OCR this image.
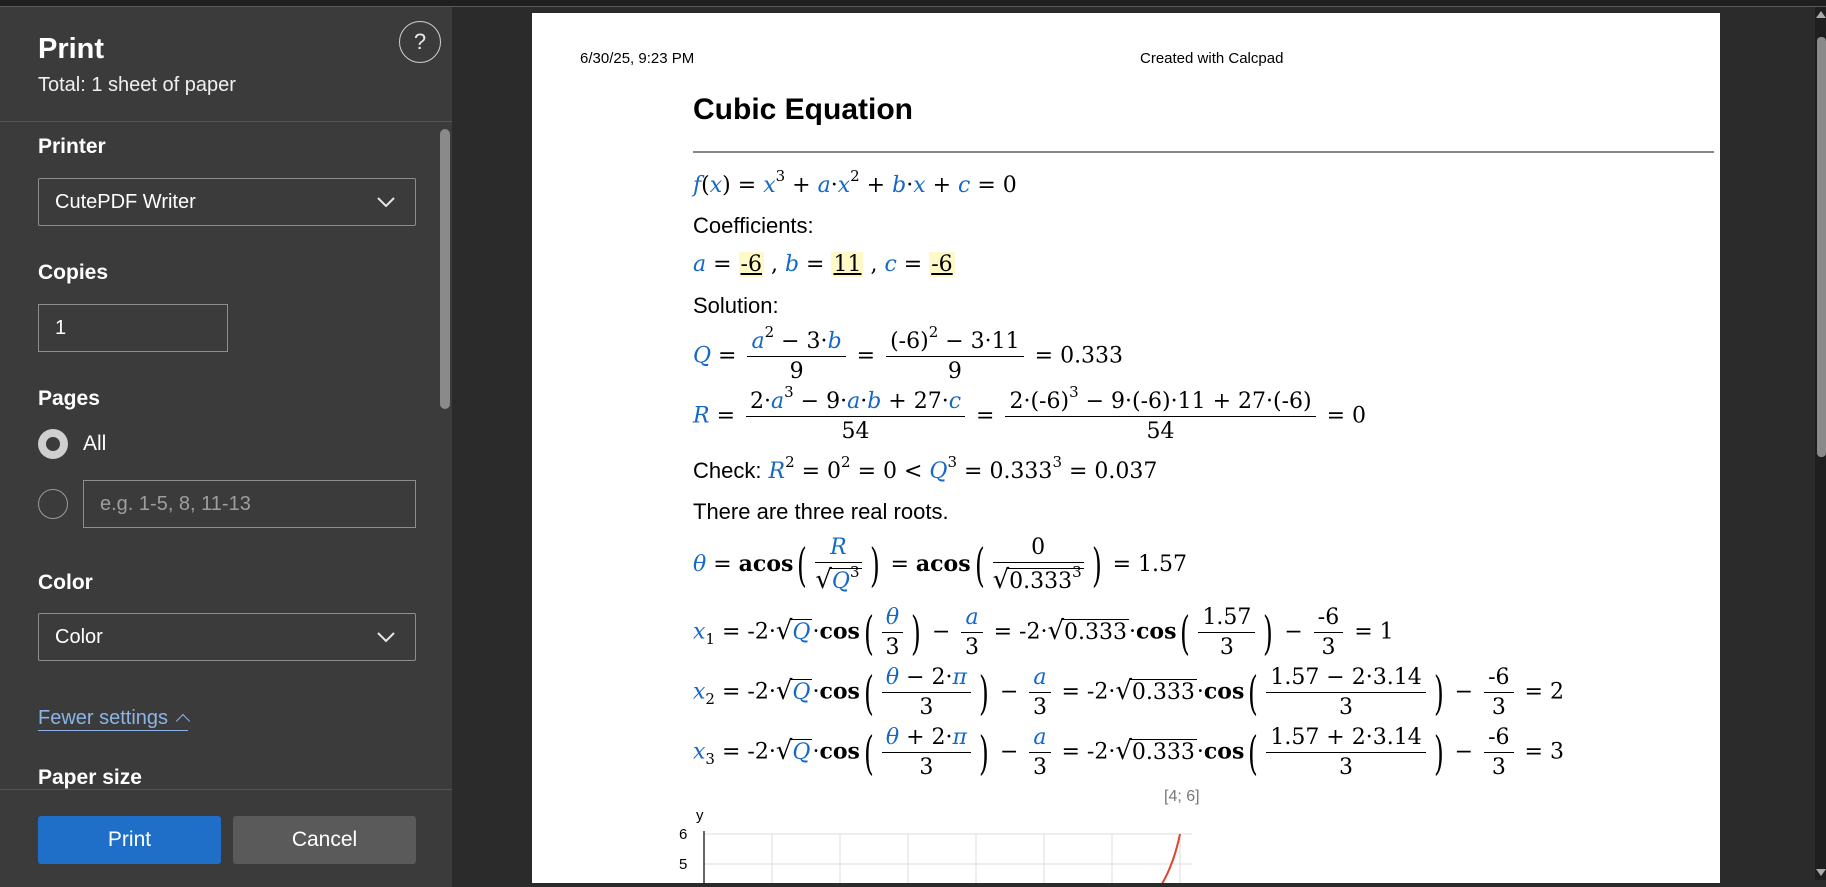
Print
Total: 1 sheet of paper
?
Printer
CutePDF Writer
Copies
1
Pages
All
e.g. 1-5, 8, 11-13
Color
Color
Fewer settings
Paper size
Print	Cancel
6/30/25, 9:23 PM	Created with Calcpad
Cubic Equation
$f(x) = x^3 + a\cdot x^2 + b\cdot x + c = 0$
Coefficients:
a = -6 , b = 11 , c = -6
Solution:
$Q = \frac{a^2 - 3\cdot b}{9} = \frac{(-6)^2 - 3\cdot 11}{9} = 0.333$
$R = \frac{2\cdot a^3 - 9\cdot a\cdot b + 27\cdot c}{54} = \frac{2\cdot(-6)^3 - 9\cdot(-6)\cdot 11 + 27\cdot(-6)}{54} = 0$
Check: $R^2 = 0^2 = 0 < Q^3 = 0.333^3 = 0.037$
There are three real roots.
$\theta = acos( \frac{R}{√Q^3}$ ) = $acos( \frac{0}{√0.333^3}$ ) = 1.57
$x_1 = -2\cdot√Q\cdot\cos( \frac{\theta}{3}$ ) − $\frac{a}{3} = -2\cdot√0.333\cdot\cos( \frac{1.57}{3}$ ) − $\frac{-6}{3} = 1$
$x_2 = -2\cdot√Q\cdot\cos( \frac{\theta - 2\cdot\pi}{3}$ ) − $\frac{a}{3} = -2\cdot√0.333\cdot\cos( \frac{1.57 - 2\cdot 3.14}{3}$ ) − $\frac{-6}{3} = 2$
$x_3 = -2\cdot√Q\cdot\cos( \frac{\theta + 2\cdot\pi}{3}$ ) − $\frac{a}{3} = -2\cdot√0.333\cdot\cos( \frac{1.57 + 2\cdot 3.14}{3}$ ) − $\frac{-6}{3} = 3$
[4; 6]
y
6
5
